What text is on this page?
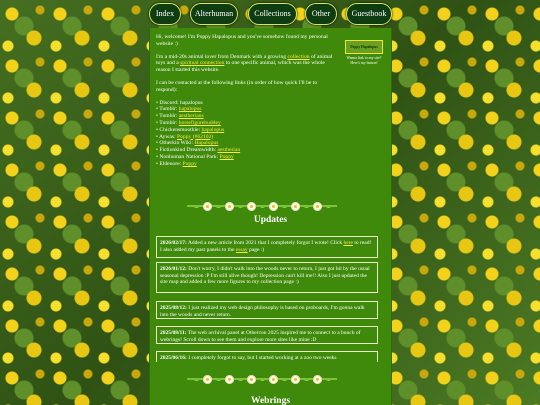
Index	Alterhuman	Collections	Other	Guestbook

Hi, welcome! I'm Poppy Hapalopus and you've somehow found my personal website :)

I'm a mid-20s animal lover from Denmark with a growing collection of animal toys and a spiritual connection to one specific animal, which was the whole reason I started this website.

I can be contacted at the following links (in order of how quick I'll be to respond):

• Discord: hapalopus
• Tumblr: hapalopus
• Tumblr: aestherians
• Tumblr: horsefigurebuddey
• Chickensmoothie: hapalopus
• Aywas: Poppy (#62102)
• Otherkin Wiki: Hapalopus
• Fictionkind Dreamwidth: aestherian
• Nonhuman National Park: Poppy
• Eldenore: Poppy
Poppy Hapalopus
Wanna link to my site? Here's my button!
Updates
2026/02/17: Added a new article from 2021 that I completely forgot I wrote! Click here to read! I also added my past panels to the essay page :)
2026/01/12: Don't worry, I didn't walk into the woods never to return, I just got hit by the usual seasonal depression :P I'm still alive though! Depression can't kill me!! Also I just updated the site map and added a few more figures to my collection page :)
2025/08/12: I just realized my web design philosophy is based on proboards, I'm gonna walk into the woods and never return.
2025/08/11: The web archival panel at Othercon 2025 inspired me to connect to a bunch of webrings! Scroll down to see them and explore more sites like mine :D
2025/06/16: I completely forgot to say, but I started working at a zoo two weeks
Webrings
